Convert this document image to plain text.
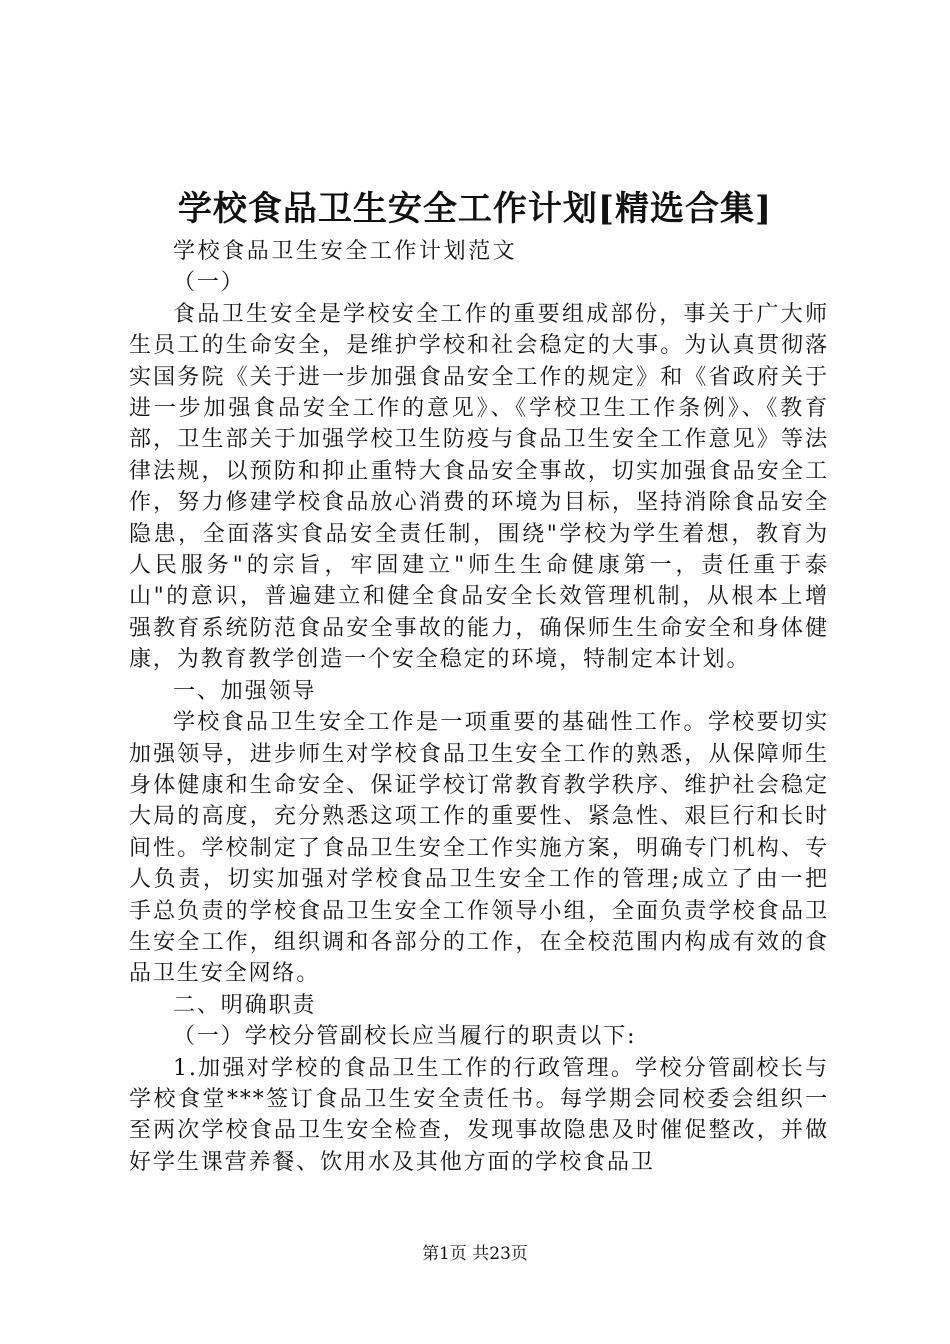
学校食品卫生安全工作计划[精选合集]

学校食品卫生安全工作计划范文

（一）

食品卫生安全是学校安全工作的重要组成部份，事关于广大师生员工的生命安全，是维护学校和社会稳定的大事。为认真贯彻落实国务院《关于进一步加强食品安全工作的规定》和《省政府关于进一步加强食品安全工作的意见》、《学校卫生工作条例》、《教育部，卫生部关于加强学校卫生防疫与食品卫生安全工作意见》等法律法规，以预防和抑止重特大食品安全事故，切实加强食品安全工作，努力修建学校食品放心消费的环境为目标，坚持消除食品安全隐患，全面落实食品安全责任制，围绕"学校为学生着想，教育为人民服务"的宗旨，牢固建立"师生生命健康第一，责任重于泰山"的意识，普遍建立和健全食品安全长效管理机制，从根本上增强教育系统防范食品安全事故的能力，确保师生生命安全和身体健康，为教育教学创造一个安全稳定的环境，特制定本计划。

一、加强领导

学校食品卫生安全工作是一项重要的基础性工作。学校要切实加强领导，进步师生对学校食品卫生安全工作的熟悉，从保障师生身体健康和生命安全、保证学校订常教育教学秩序、维护社会稳定大局的高度，充分熟悉这项工作的重要性、紧急性、艰巨行和长时间性。学校制定了食品卫生安全工作实施方案，明确专门机构、专人负责，切实加强对学校食品卫生安全工作的管理;成立了由一把手总负责的学校食品卫生安全工作领导小组，全面负责学校食品卫生安全工作，组织调和各部分的工作，在全校范围内构成有效的食品卫生安全网络。

二、明确职责

（一）学校分管副校长应当履行的职责以下:

1.加强对学校的食品卫生工作的行政管理。学校分管副校长与学校食堂***签订食品卫生安全责任书。每学期会同校委会组织一至两次学校食品卫生安全检查，发现事故隐患及时催促整改，并做好学生课营养餐、饮用水及其他方面的学校食品卫

第1页 共23页
